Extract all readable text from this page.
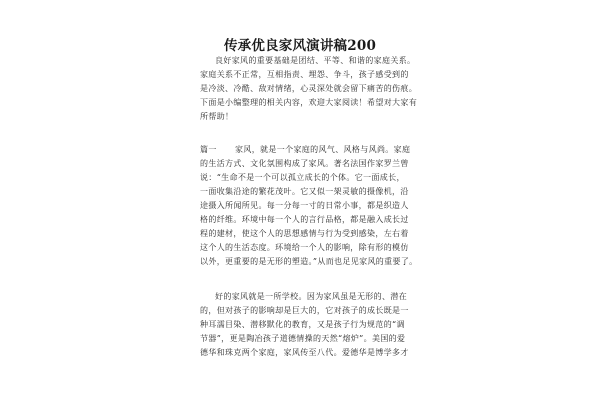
传承优良家风演讲稿200
良好家风的重要基础是团结、平等、和谐的家庭关系。
家庭关系不正常，互相指责、埋怨、争斗，孩子感受到的
是冷淡、冷酷、敌对情绪，心灵深处就会留下痛苦的伤痕。
下面是小编整理的相关内容，欢迎大家阅读！希望对大家有
所帮助！
篇一 家风，就是一个家庭的风气、风格与风尚。家庭
的生活方式、文化氛围构成了家风。著名法国作家罗兰曾
说：“生命不是一个可以孤立成长的个体。它一面成长，
一面收集沿途的繁花茂叶。它又似一架灵敏的摄像机，沿
途摄入所闻所见。每一分每一寸的日常小事，都是织造人
格的纤维。环境中每一个人的言行品格，都是融入成长过
程的建材，使这个人的思想感情与行为受到感染，左右着
这个人的生活态度。环境给一个人的影响，除有形的模仿
以外，更重要的是无形的塑造。”从而也足见家风的重要了。
好的家风就是一所学校。因为家风虽是无形的、潜在
的，但对孩子的影响却是巨大的，它对孩子的成长既是一
种耳濡目染、潜移默化的教育，又是孩子行为规范的“调
节器”，更是陶冶孩子道德情操的天然“熔炉”。美国的爱
德华和珠克两个家庭，家风传至八代。爱德华是博学多才
